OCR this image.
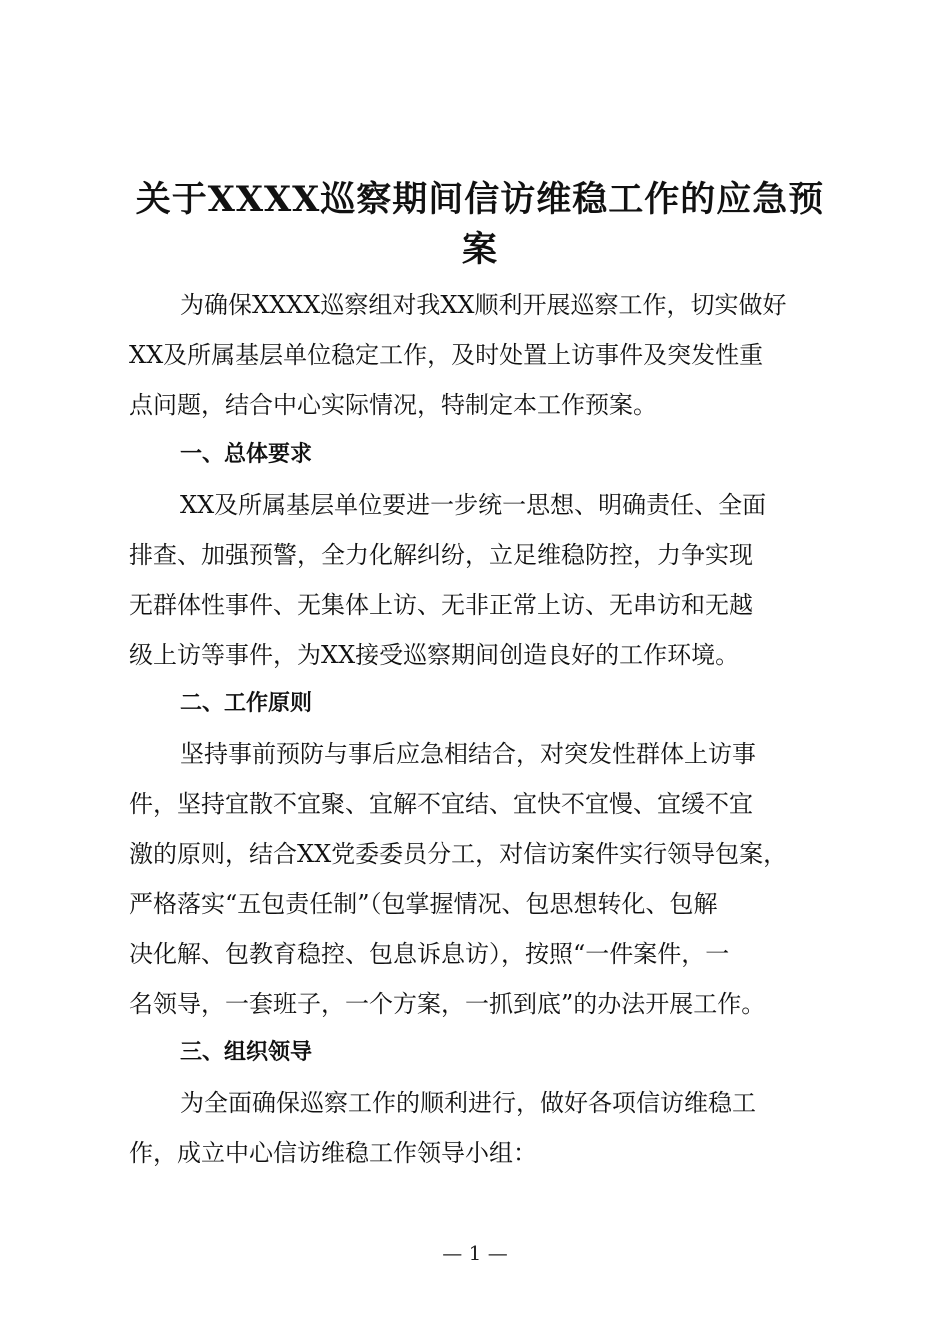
关于XXXX巡察期间信访维稳工作的应急预
案
为确保XXXX巡察组对我XX顺利开展巡察工作，切实做好
XX及所属基层单位稳定工作，及时处置上访事件及突发性重
点问题，结合中心实际情况，特制定本工作预案。
一、总体要求
XX及所属基层单位要进一步统一思想、明确责任、全面
排查、加强预警，全力化解纠纷，立足维稳防控，力争实现
无群体性事件、无集体上访、无非正常上访、无串访和无越
级上访等事件，为XX接受巡察期间创造良好的工作环境。
二、工作原则
坚持事前预防与事后应急相结合，对突发性群体上访事
件，坚持宜散不宜聚、宜解不宜结、宜快不宜慢、宜缓不宜
激的原则，结合XX党委委员分工，对信访案件实行领导包案，
严格落实“五包责任制”（包掌握情况、包思想转化、包解
决化解、包教育稳控、包息诉息访），按照“一件案件，一
名领导，一套班子，一个方案，一抓到底”的办法开展工作。
三、组织领导
为全面确保巡察工作的顺利进行，做好各项信访维稳工
作，成立中心信访维稳工作领导小组：
— 1 —
